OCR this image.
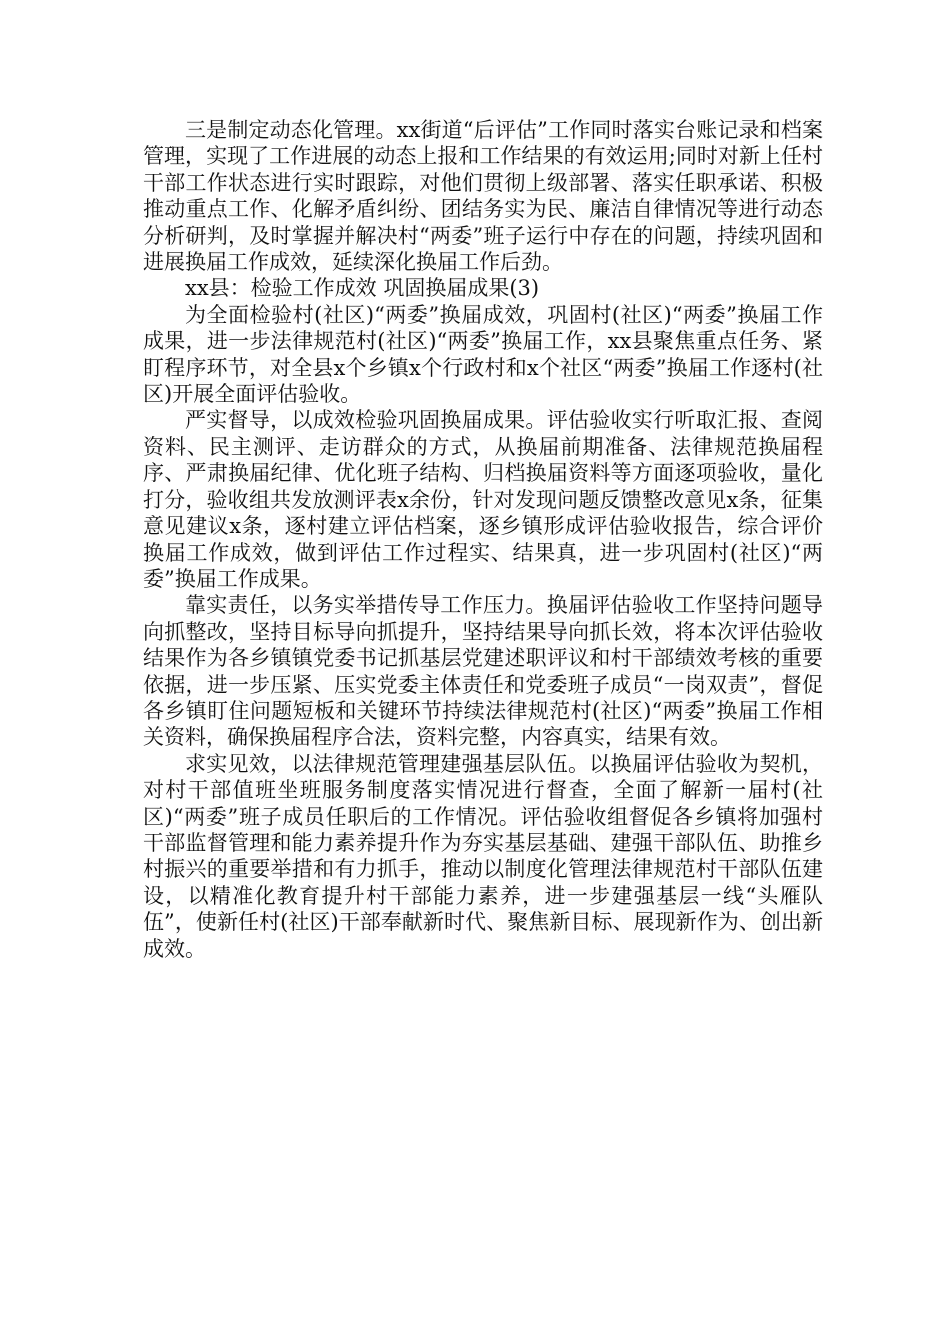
三是制定动态化管理。xx街道“后评估”工作同时落实台账记录和档案管理，实现了工作进展的动态上报和工作结果的有效运用;同时对新上任村干部工作状态进行实时跟踪，对他们贯彻上级部署、落实任职承诺、积极推动重点工作、化解矛盾纠纷、团结务实为民、廉洁自律情况等进行动态分析研判，及时掌握并解决村“两委”班子运行中存在的问题，持续巩固和进展换届工作成效，延续深化换届工作后劲。

xx县：检验工作成效 巩固换届成果(3)

为全面检验村(社区)“两委”换届成效，巩固村(社区)“两委”换届工作成果，进一步法律规范村(社区)“两委”换届工作，xx县聚焦重点任务、紧盯程序环节，对全县x个乡镇x个行政村和x个社区“两委”换届工作逐村(社区)开展全面评估验收。

严实督导，以成效检验巩固换届成果。评估验收实行听取汇报、查阅资料、民主测评、走访群众的方式，从换届前期准备、法律规范换届程序、严肃换届纪律、优化班子结构、归档换届资料等方面逐项验收，量化打分，验收组共发放测评表x余份，针对发现问题反馈整改意见x条，征集意见建议x条，逐村建立评估档案，逐乡镇形成评估验收报告，综合评价换届工作成效，做到评估工作过程实、结果真，进一步巩固村(社区)“两委”换届工作成果。

靠实责任，以务实举措传导工作压力。换届评估验收工作坚持问题导向抓整改，坚持目标导向抓提升，坚持结果导向抓长效，将本次评估验收结果作为各乡镇镇党委书记抓基层党建述职评议和村干部绩效考核的重要依据，进一步压紧、压实党委主体责任和党委班子成员“一岗双责”，督促各乡镇盯住问题短板和关键环节持续法律规范村(社区)“两委”换届工作相关资料，确保换届程序合法，资料完整，内容真实，结果有效。

求实见效，以法律规范管理建强基层队伍。以换届评估验收为契机，对村干部值班坐班服务制度落实情况进行督查，全面了解新一届村(社区)“两委”班子成员任职后的工作情况。评估验收组督促各乡镇将加强村干部监督管理和能力素养提升作为夯实基层基础、建强干部队伍、助推乡村振兴的重要举措和有力抓手，推动以制度化管理法律规范村干部队伍建设，以精准化教育提升村干部能力素养，进一步建强基层一线“头雁队伍”，使新任村(社区)干部奉献新时代、聚焦新目标、展现新作为、创出新成效。
